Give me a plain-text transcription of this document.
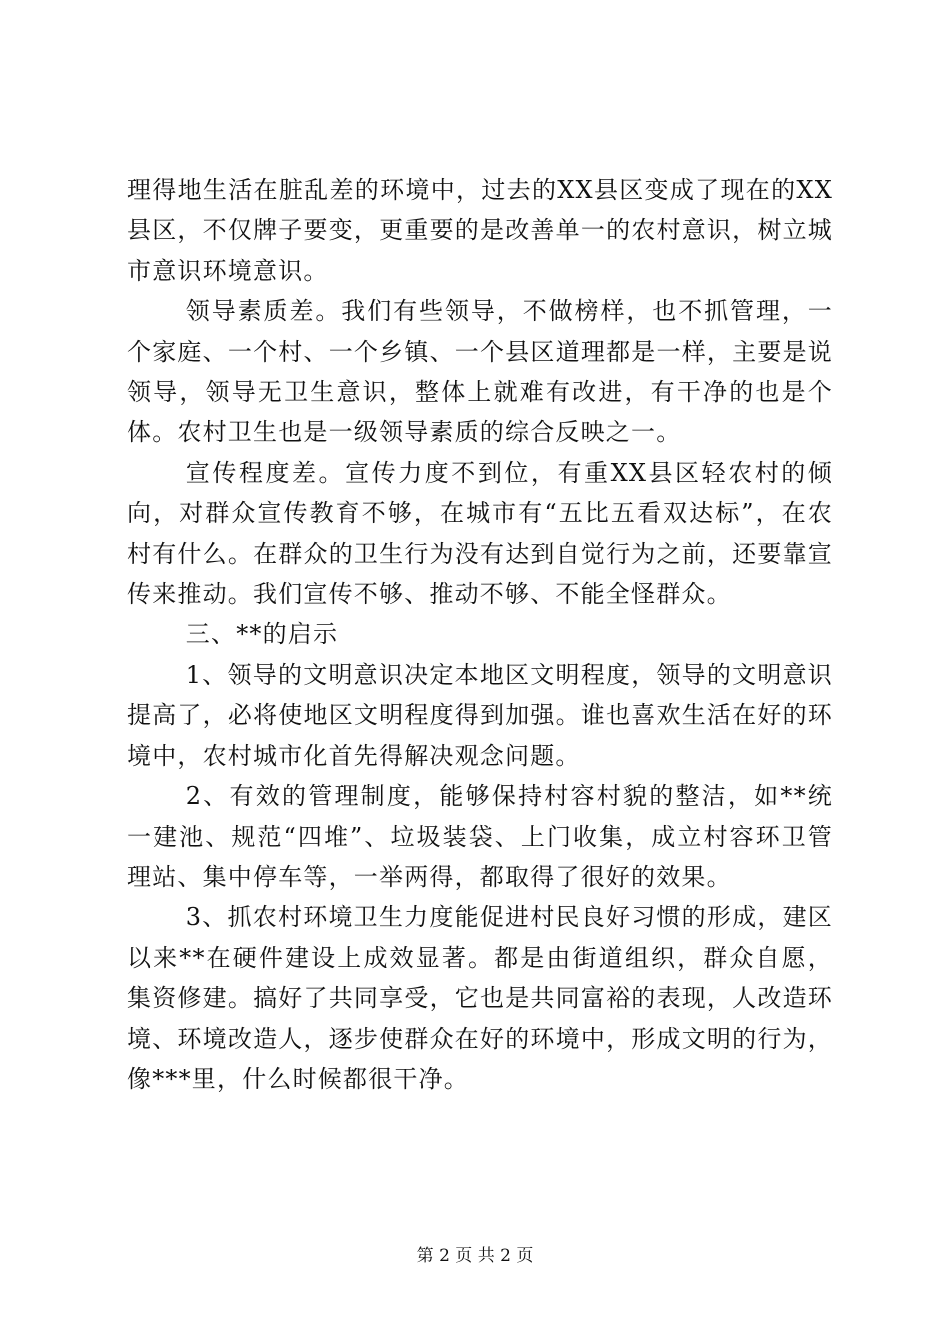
理得地生活在脏乱差的环境中，过去的XX县区变成了现在的XX县区，不仅牌子要变，更重要的是改善单一的农村意识，树立城市意识环境意识。

领导素质差。我们有些领导，不做榜样，也不抓管理，一个家庭、一个村、一个乡镇、一个县区道理都是一样，主要是说领导，领导无卫生意识，整体上就难有改进，有干净的也是个体。农村卫生也是一级领导素质的综合反映之一。

宣传程度差。宣传力度不到位，有重XX县区轻农村的倾向，对群众宣传教育不够，在城市有“五比五看双达标”，在农村有什么。在群众的卫生行为没有达到自觉行为之前，还要靠宣传来推动。我们宣传不够、推动不够、不能全怪群众。

三、**的启示

1、领导的文明意识决定本地区文明程度，领导的文明意识提高了，必将使地区文明程度得到加强。谁也喜欢生活在好的环境中，农村城市化首先得解决观念问题。

2、有效的管理制度，能够保持村容村貌的整洁，如**统一建池、规范“四堆”、垃圾装袋、上门收集，成立村容环卫管理站、集中停车等，一举两得，都取得了很好的效果。

3、抓农村环境卫生力度能促进村民良好习惯的形成，建区以来**在硬件建设上成效显著。都是由街道组织，群众自愿，集资修建。搞好了共同享受，它也是共同富裕的表现，人改造环境、环境改造人，逐步使群众在好的环境中，形成文明的行为，像***里，什么时候都很干净。

第 2 页 共 2 页
